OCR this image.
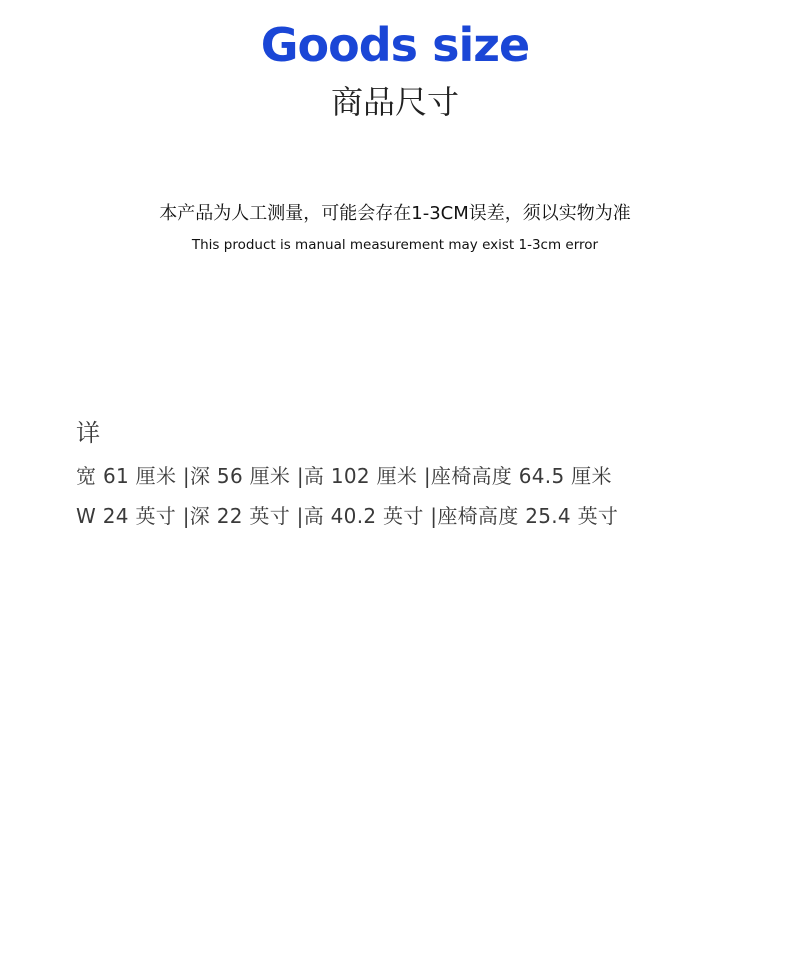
Goods size
商品尺寸
本产品为人工测量，可能会存在1-3CM误差，须以实物为准
This product is manual measurement may exist 1-3cm error
详
宽 61 厘米 |深 56 厘米 |高 102 厘米 |座椅高度 64.5 厘米
W 24 英寸 |深 22 英寸 |高 40.2 英寸 |座椅高度 25.4 英寸
